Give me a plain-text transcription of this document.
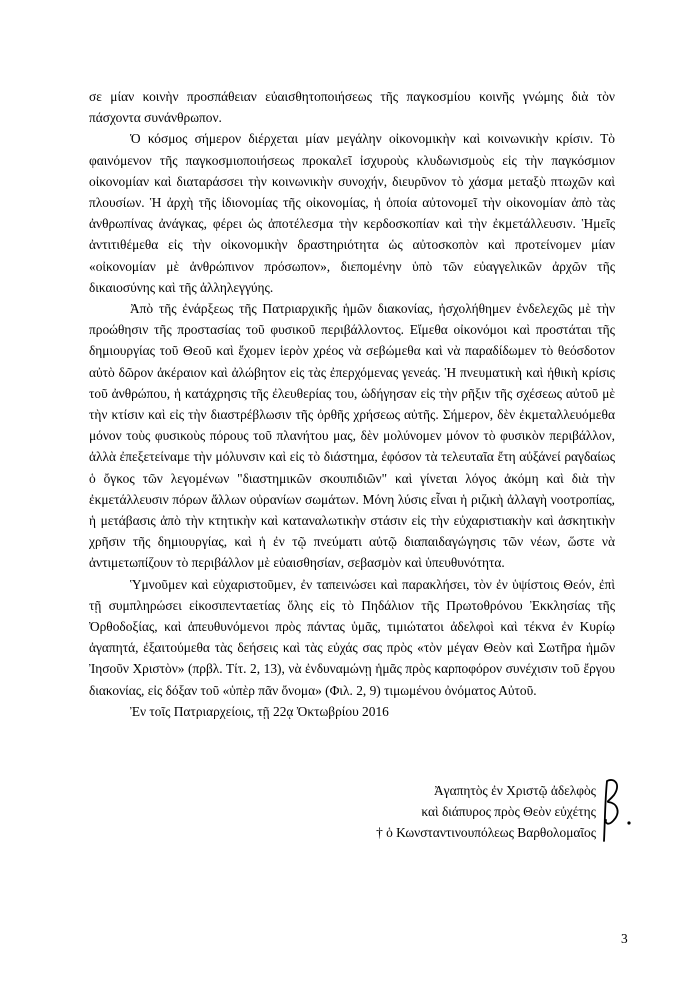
σε μίαν κοινὴν προσπάθειαν εὐαισθητοποιήσεως τῆς παγκοσμίου κοινῆς γνώμης διὰ τὸν πάσχοντα συνάνθρωπον.

Ὁ κόσμος σήμερον διέρχεται μίαν μεγάλην οἰκονομικὴν καὶ κοινωνικὴν κρίσιν. Τὸ φαινόμενον τῆς παγκοσμιοποιήσεως προκαλεῖ ἰσχυροὺς κλυδωνισμοὺς εἰς τὴν παγκόσμιον οἰκονομίαν καὶ διαταράσσει τὴν κοινωνικὴν συνοχήν, διευρῦνον τὸ χάσμα μεταξὺ πτωχῶν καὶ πλουσίων. Ἡ ἀρχὴ τῆς ἰδιονομίας τῆς οἰκονομίας, ἡ ὁποία αὐτονομεῖ τὴν οἰκονομίαν ἀπὸ τὰς ἀνθρωπίνας ἀνάγκας, φέρει ὡς ἀποτέλεσμα τὴν κερδοσκοπίαν καὶ τὴν ἐκμετάλλευσιν. Ἡμεῖς ἀντιτιθέμεθα εἰς τὴν οἰκονομικὴν δραστηριότητα ὡς αὐτοσκοπὸν καὶ προτείνομεν μίαν «οἰκονομίαν μὲ ἀνθρώπινον πρόσωπον», διεπομένην ὑπὸ τῶν εὐαγγελικῶν ἀρχῶν τῆς δικαιοσύνης καὶ τῆς ἀλληλεγγύης.

Ἀπὸ τῆς ἐνάρξεως τῆς Πατριαρχικῆς ἡμῶν διακονίας, ἠσχολήθημεν ἐνδελεχῶς μὲ τὴν προώθησιν τῆς προστασίας τοῦ φυσικοῦ περιβάλλοντος. Εἴμεθα οἰκονόμοι καὶ προστάται τῆς δημιουργίας τοῦ Θεοῦ καὶ ἔχομεν ἱερὸν χρέος νὰ σεβώμεθα καὶ νὰ παραδίδωμεν τὸ θεόσδοτον αὐτὸ δῶρον ἀκέραιον καὶ ἀλώβητον εἰς τὰς ἐπερχόμενας γενεάς. Ἡ πνευματικὴ καὶ ἠθικὴ κρίσις τοῦ ἀνθρώπου, ἡ κατάχρησις τῆς ἐλευθερίας του, ὡδήγησαν εἰς τὴν ρῆξιν τῆς σχέσεως αὐτοῦ μὲ τὴν κτίσιν καὶ εἰς τὴν διαστρέβλωσιν τῆς ὀρθῆς χρήσεως αὐτῆς. Σήμερον, δὲν ἐκμεταλλευόμεθα μόνον τοὺς φυσικοὺς πόρους τοῦ πλανήτου μας, δὲν μολύνομεν μόνον τὸ φυσικὸν περιβάλλον, ἀλλὰ ἐπεξετείναμε τὴν μόλυνσιν καὶ εἰς τὸ διάστημα, ἐφόσον τὰ τελευταῖα ἔτη αὐξάνεί ραγδαίως ὁ ὄγκος τῶν λεγομένων "διαστημικῶν σκουπιδιῶν" καὶ γίνεται λόγος ἀκόμη καὶ διὰ τὴν ἐκμετάλλευσιν πόρων ἄλλων οὐρανίων σωμάτων. Μόνη λύσις εἶναι ἡ ριζικὴ ἀλλαγὴ νοοτροπίας, ἡ μετάβασις ἀπὸ τὴν κτητικὴν καὶ καταναλωτικὴν στάσιν εἰς τὴν εὐχαριστιακὴν καὶ ἀσκητικὴν χρῆσιν τῆς δημιουργίας, καὶ ἡ ἐν τῷ πνεύματι αὐτῷ διαπαιδαγώγησις τῶν νέων, ὥστε νὰ ἀντιμετωπίζουν τὸ περιβάλλον μὲ εὐαισθησίαν, σεβασμὸν καὶ ὑπευθυνότητα.

Ὑμνοῦμεν καὶ εὐχαριστοῦμεν, ἐν ταπεινώσει καὶ παρακλήσει, τὸν ἐν ὑψίστοις Θεόν, ἐπὶ τῇ συμπληρώσει εἰκοσιπενταετίας ὅλης εἰς τὸ Πηδάλιον τῆς Πρωτοθρόνου Ἐκκλησίας τῆς Ὀρθοδοξίας, καὶ ἀπευθυνόμενοι πρὸς πάντας ὑμᾶς, τιμιώτατοι ἀδελφοὶ καὶ τέκνα ἐν Κυρίῳ ἀγαπητά, ἐξαιτούμεθα τὰς δεήσεις καὶ τὰς εὐχάς σας πρὸς «τὸν μέγαν Θεὸν καὶ Σωτῆρα ἡμῶν Ἰησοῦν Χριστὸν» (πρβλ. Τίτ. 2, 13), νὰ ἐνδυναμώνῃ ἡμᾶς πρὸς καρποφόρον συνέχισιν τοῦ ἔργου διακονίας, εἰς δόξαν τοῦ «ὑπὲρ πᾶν ὄνομα» (Φιλ. 2, 9) τιμωμένου ὀνόματος Αὐτοῦ.

Ἐν τοῖς Πατριαρχείοις, τῇ 22ᾳ Ὀκτωβρίου 2016

Ἀγαπητὸς ἐν Χριστῷ ἀδελφὸς
καὶ διάπυρος πρὸς Θεὸν εὐχέτης
† ὁ Κωνσταντινουπόλεως Βαρθολομαῖος
3
